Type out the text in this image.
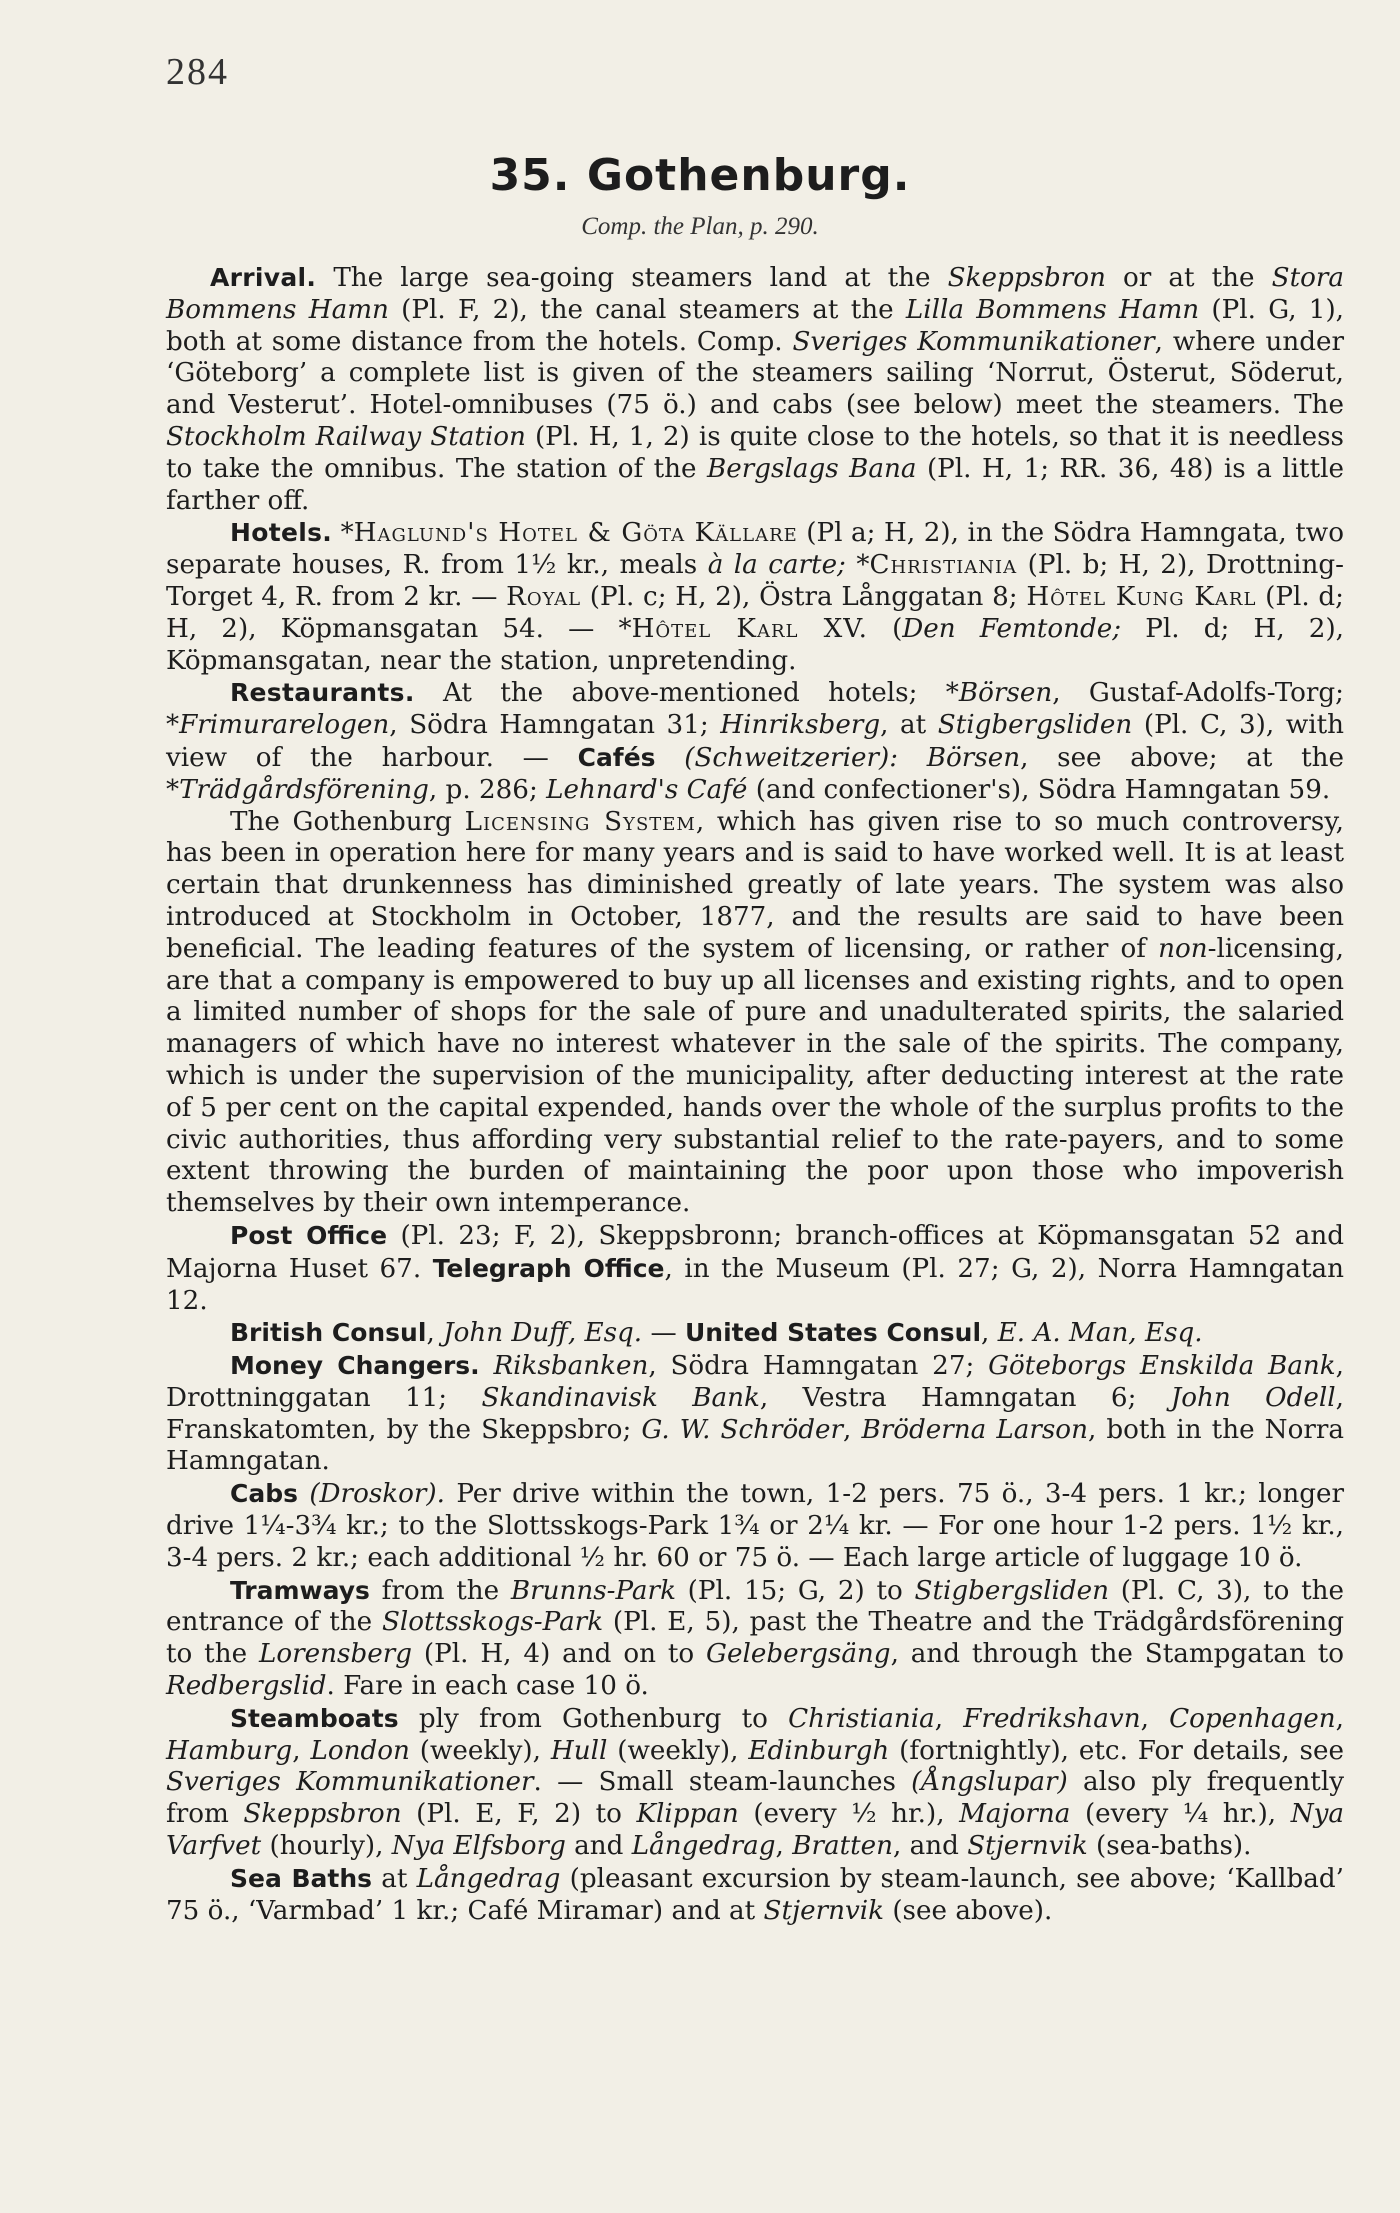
284
35. Gothenburg.
Comp. the Plan, p. 290.

Arrival. The large sea-going steamers land at the Skeppsbron or at the Stora Bommens Hamn (Pl. F, 2), the canal steamers at the Lilla Bommens Hamn (Pl. G, 1), both at some distance from the hotels. Comp. Sveriges Kommunikationer, where under ‘Göteborg’ a complete list is given of the steamers sailing ‘Norrut, Österut, Söderut, and Vesterut’. Hotel-omnibuses (75 ö.) and cabs (see below) meet the steamers. The Stockholm Railway Station (Pl. H, 1, 2) is quite close to the hotels, so that it is needless to take the omnibus. The station of the Bergslags Bana (Pl. H, 1; RR. 36, 48) is a little farther off.

Hotels. *Haglund's Hotel & Göta Källare (Pl a; H, 2), in the Södra Hamngata, two separate houses, R. from 1½ kr., meals à la carte; *Christiania (Pl. b; H, 2), Drottning-Torget 4, R. from 2 kr. — Royal (Pl. c; H, 2), Östra Långgatan 8; Hôtel Kung Karl (Pl. d; H, 2), Köpmansgatan 54. — *Hôtel Karl XV. (Den Femtonde; Pl. d; H, 2), Köpmansgatan, near the station, unpretending.

Restaurants. At the above-mentioned hotels; *Börsen, Gustaf-Adolfs-Torg; *Frimurarelogen, Södra Hamngatan 31; Hinriksberg, at Stigbergsliden (Pl. C, 3), with view of the harbour. — Cafés (Schweitzerier): Börsen, see above; at the *Trädgårdsförening, p. 286; Lehnard's Café (and confectioner's), Södra Hamngatan 59.

The Gothenburg Licensing System, which has given rise to so much controversy, has been in operation here for many years and is said to have worked well. It is at least certain that drunkenness has diminished greatly of late years. The system was also introduced at Stockholm in October, 1877, and the results are said to have been beneficial. The leading features of the system of licensing, or rather of non-licensing, are that a company is empowered to buy up all licenses and existing rights, and to open a limited number of shops for the sale of pure and unadulterated spirits, the salaried managers of which have no interest whatever in the sale of the spirits. The company, which is under the supervision of the municipality, after deducting interest at the rate of 5 per cent on the capital expended, hands over the whole of the surplus profits to the civic authorities, thus affording very substantial relief to the rate-payers, and to some extent throwing the burden of maintaining the poor upon those who impoverish themselves by their own intemperance.

Post Office (Pl. 23; F, 2), Skeppsbronn; branch-offices at Köpmansgatan 52 and Majorna Huset 67. Telegraph Office, in the Museum (Pl. 27; G, 2), Norra Hamngatan 12.

British Consul, John Duff, Esq. — United States Consul, E. A. Man, Esq.

Money Changers. Riksbanken, Södra Hamngatan 27; Göteborgs Enskilda Bank, Drottninggatan 11; Skandinavisk Bank, Vestra Hamngatan 6; John Odell, Franskatomten, by the Skeppsbro; G. W. Schröder, Bröderna Larson, both in the Norra Hamngatan.

Cabs (Droskor). Per drive within the town, 1-2 pers. 75 ö., 3-4 pers. 1 kr.; longer drive 1¼-3¾ kr.; to the Slottsskogs-Park 1¾ or 2¼ kr. — For one hour 1-2 pers. 1½ kr., 3-4 pers. 2 kr.; each additional ½ hr. 60 or 75 ö. — Each large article of luggage 10 ö.

Tramways from the Brunns-Park (Pl. 15; G, 2) to Stigbergsliden (Pl. C, 3), to the entrance of the Slottsskogs-Park (Pl. E, 5), past the Theatre and the Trädgårdsförening to the Lorensberg (Pl. H, 4) and on to Gelebergsäng, and through the Stampgatan to Redbergslid. Fare in each case 10 ö.

Steamboats ply from Gothenburg to Christiania, Fredrikshavn, Copenhagen, Hamburg, London (weekly), Hull (weekly), Edinburgh (fortnightly), etc. For details, see Sveriges Kommunikationer. — Small steam-launches (Ångslupar) also ply frequently from Skeppsbron (Pl. E, F, 2) to Klippan (every ½ hr.), Majorna (every ¼ hr.), Nya Varfvet (hourly), Nya Elfsborg and Långedrag, Bratten, and Stjernvik (sea-baths).

Sea Baths at Långedrag (pleasant excursion by steam-launch, see above; ‘Kallbad’ 75 ö., ‘Varmbad’ 1 kr.; Café Miramar) and at Stjernvik (see above).
